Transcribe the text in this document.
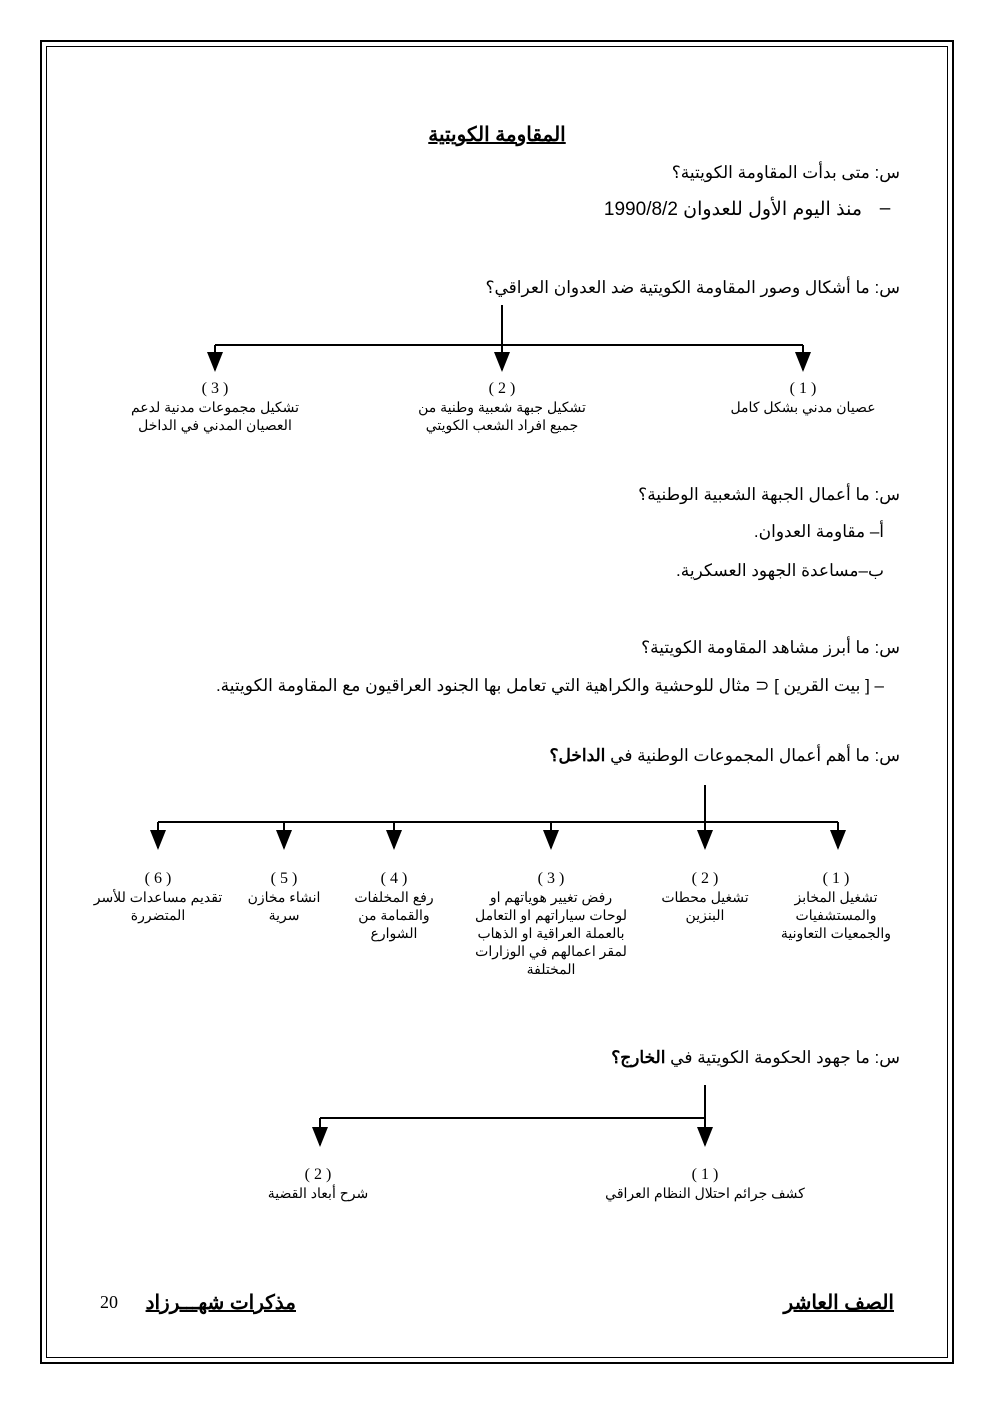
المقاومة الكويتية
س: متى بدأت المقاومة الكويتية؟
منذ اليوم الأول للعدوان 1990/8/2 –
س: ما أشكال وصور المقاومة الكويتية ضد العدوان العراقي؟
( 1 )
عصيان مدني بشكل كامل
( 2 )
تشكيل جبهة شعبية وطنية من
جميع افراد الشعب الكويتي
( 3 )
تشكيل مجموعات مدنية لدعم
العصيان المدني في الداخل
س: ما أعمال الجبهة الشعبية الوطنية؟
أ– مقاومة العدوان.
ب–مساعدة الجهود العسكرية.
س: ما أبرز مشاهد المقاومة الكويتية؟
– [ بيت القرين ] ⊂ مثال للوحشية والكراهية التي تعامل بها الجنود العراقيون مع المقاومة الكويتية.
س: ما أهم أعمال المجموعات الوطنية في الداخل؟
( 1 )
تشغيل المخابز
والمستشفيات
والجمعيات التعاونية
( 2 )
تشغيل محطات
البنزين
( 3 )
رفض تغيير هوياتهم او
لوحات سياراتهم او التعامل
بالعملة العراقية او الذهاب
لمقر اعمالهم في الوزارات
المختلفة
( 4 )
رفع المخلفات
والقمامة من
الشوارع
( 5 )
انشاء مخازن
سرية
( 6 )
تقديم مساعدات للأسر
المتضررة
س: ما جهود الحكومة الكويتية في الخارج؟
( 1 )
كشف جرائم احتلال النظام العراقي
( 2 )
شرح أبعاد القضية
الصف العاشر
مذكرات شهـــرزاد
20
